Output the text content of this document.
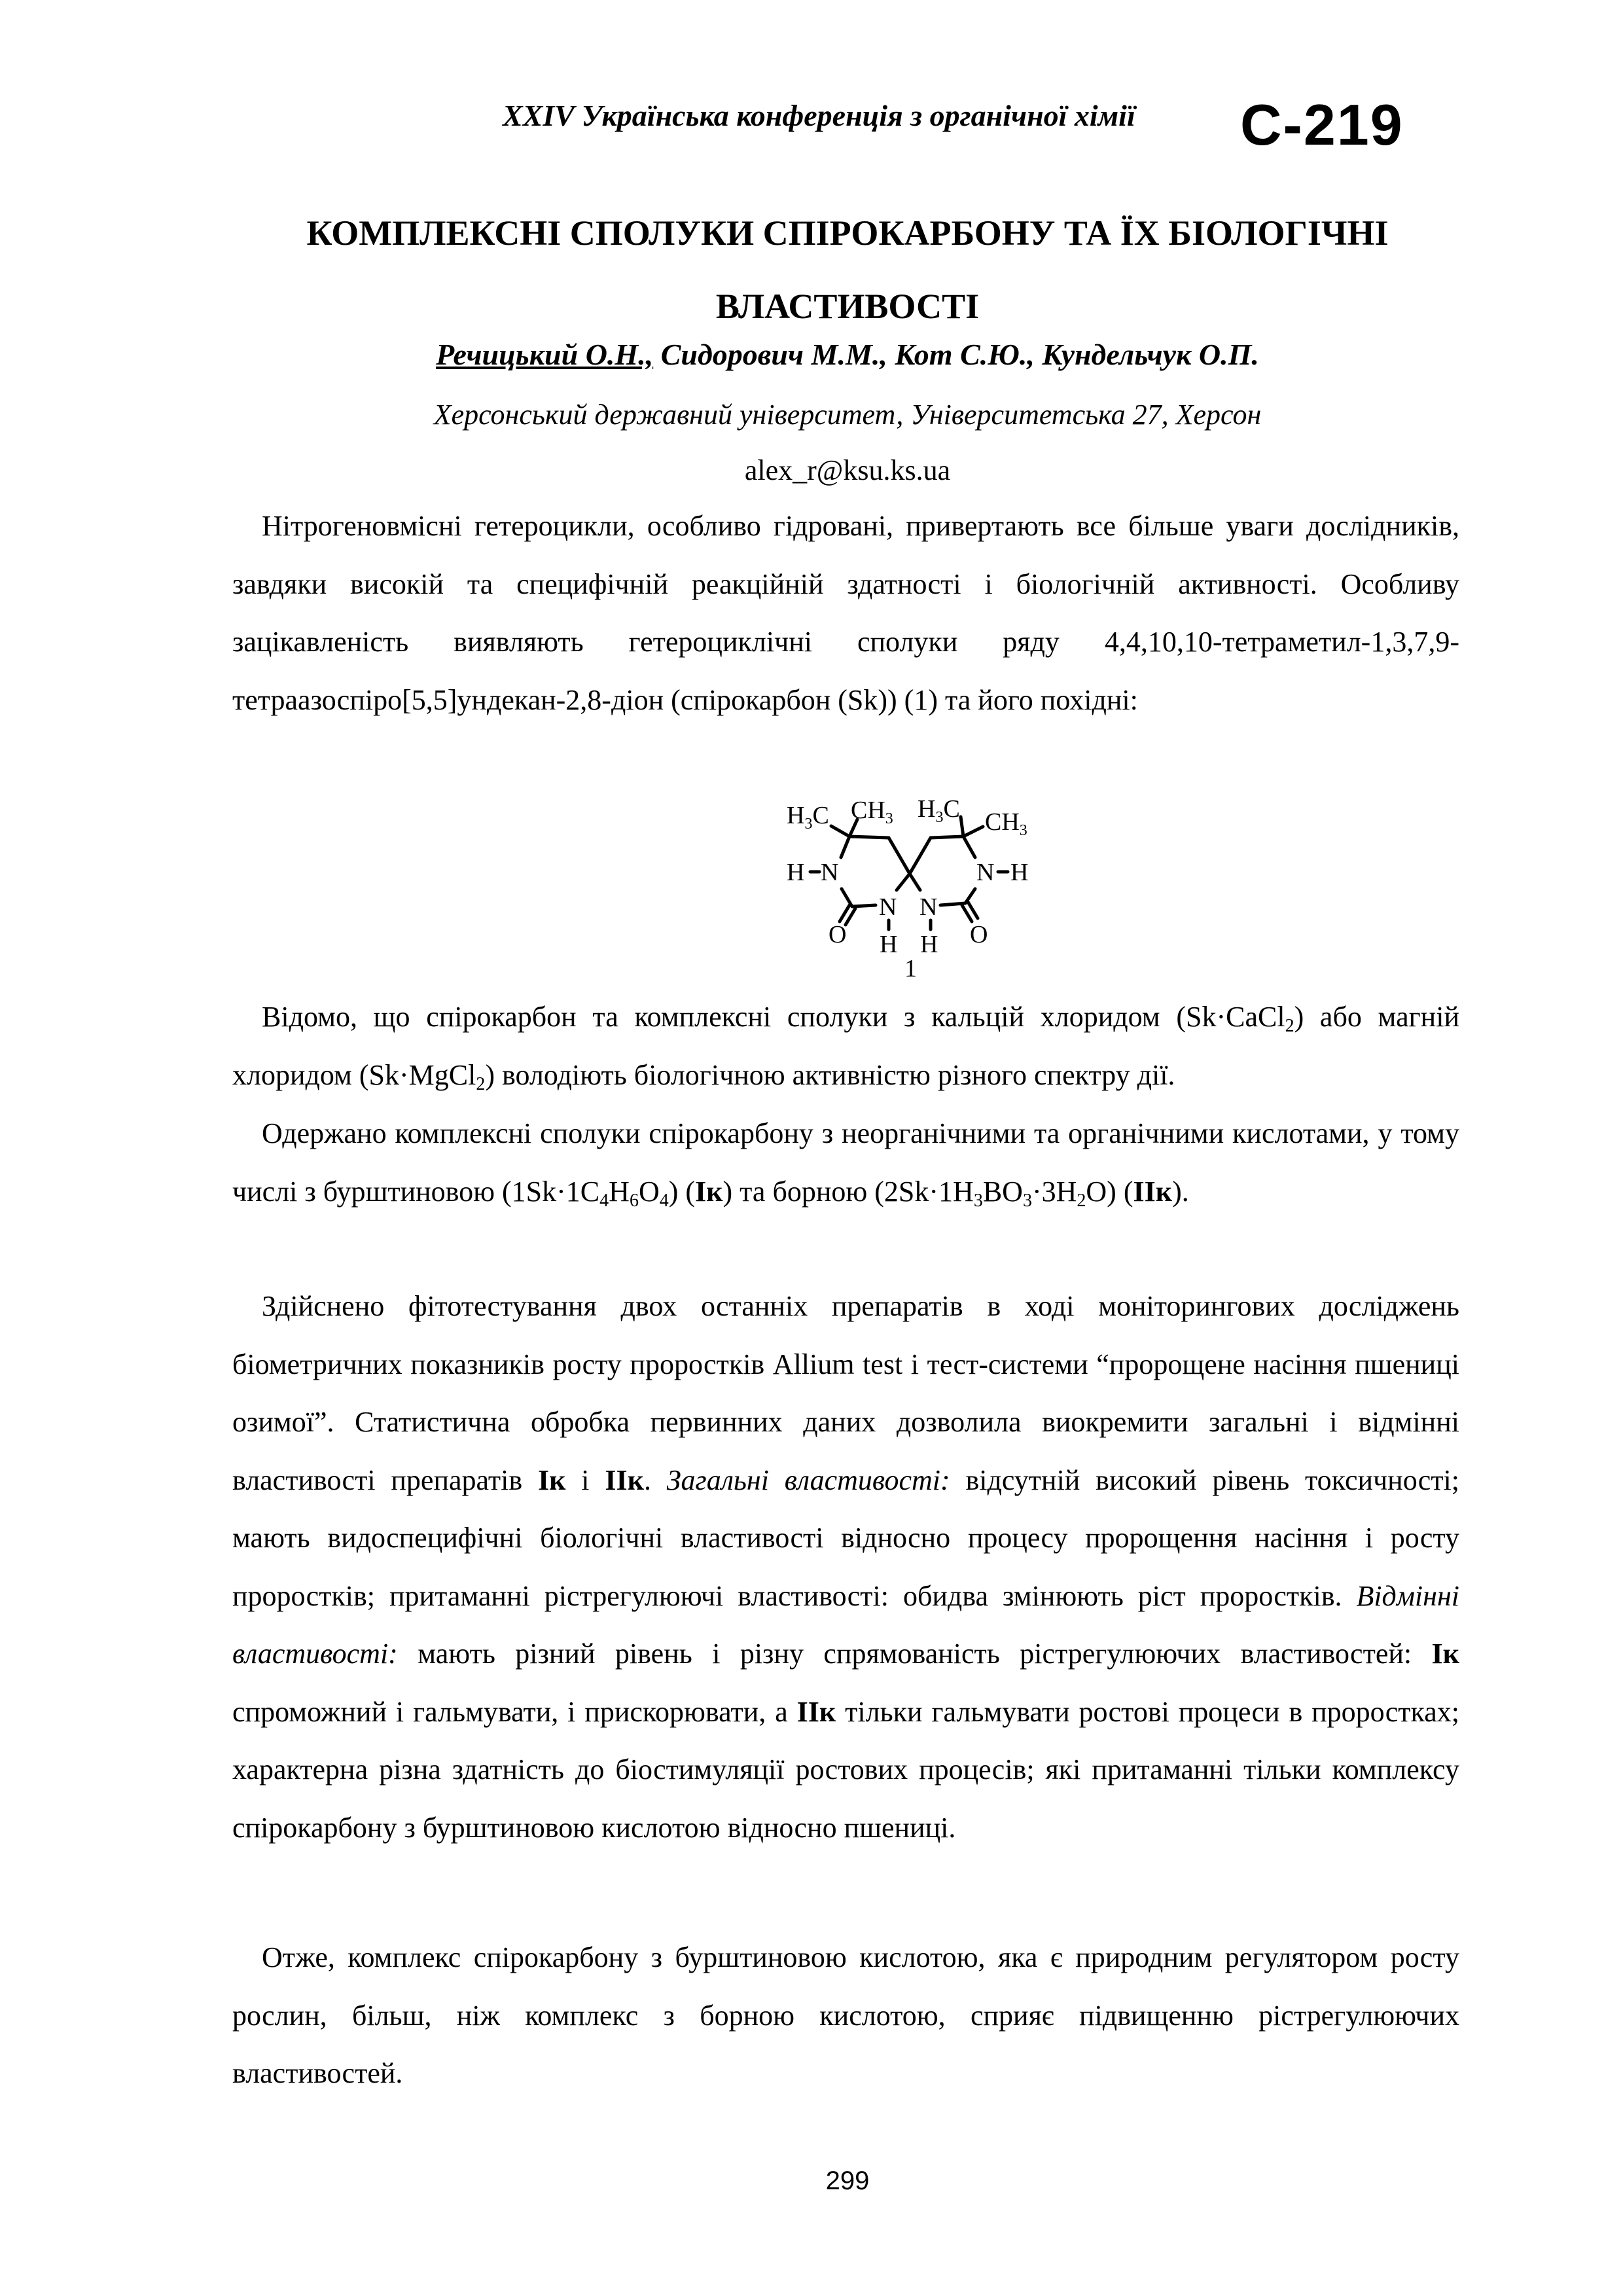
XXIV Українська конференція з органічної хімії С-219
КОМПЛЕКСНІ СПОЛУКИ СПІРОКАРБОНУ ТА ЇХ БІОЛОГІЧНІ
ВЛАСТИВОСТІ
Речицький О.Н., Сидорович М.М., Кот С.Ю., Кундельчук О.П.
Херсонський державний університет, Університетська 27, Херсон
alex_r@ksu.ks.ua
Нітрогеновмісні гетероцикли, особливо гідровані, привертають все більше уваги дослідників, завдяки високій та специфічній реакційній здатності і біологічній активності. Особливу зацікавленість виявляють гетероциклічні сполуки ряду 4,4,10,10-тетраметил-1,3,7,9-тетраазоспіро[5,5]ундекан-2,8-діон (спірокарбон (Sk)) (1) та його похідні:
$H_3C$ $CH_3$ $H_3C$ $CH_3$
H N	N H
N N
O	O
H H
1
Відомо, що спірокарбон та комплексні сполуки з кальцій хлоридом (Sk·CaCl$_2$) або магній хлоридом (Sk·MgCl$_2$) володіють біологічною активністю різного спектру дії.
Одержано комплексні сполуки спірокарбону з неорганічними та органічними кислотами, у тому числі з бурштиновою $(1Sk\cdot 1C_4H_6O_4)$ (Iк) та борною $(2Sk\cdot 1H_3BO_3\cdot 3H_2O)$ (IIк).
Здійснено фітотестування двох останніх препаратів в ході моніторингових досліджень біометричних показників росту проростків Allium test і тест-системи “пророщене насіння пшениці озимої”. Статистична обробка первинних даних дозволила виокремити загальні і відмінні властивості препаратів Iк і IIк. Загальні властивості: відсутній високий рівень токсичності; мають видоспецифічні біологічні властивості відносно процесу пророщення насіння і росту проростків; притаманні рістрегулюючі властивості: обидва змінюють ріст проростків. Відмінні властивості: мають різний рівень і різну спрямованість рістрегулюючих властивостей: Iк спроможний і гальмувати, і прискорювати, а IIк тільки гальмувати ростові процеси в проростках; характерна різна здатність до біостимуляції ростових процесів; які притаманні тільки комплексу спірокарбону з бурштиновою кислотою відносно пшениці.
Отже, комплекс спірокарбону з бурштиновою кислотою, яка є природним регулятором росту рослин, більш, ніж комплекс з борною кислотою, сприяє підвищенню рістрегулюючих властивостей.
299
